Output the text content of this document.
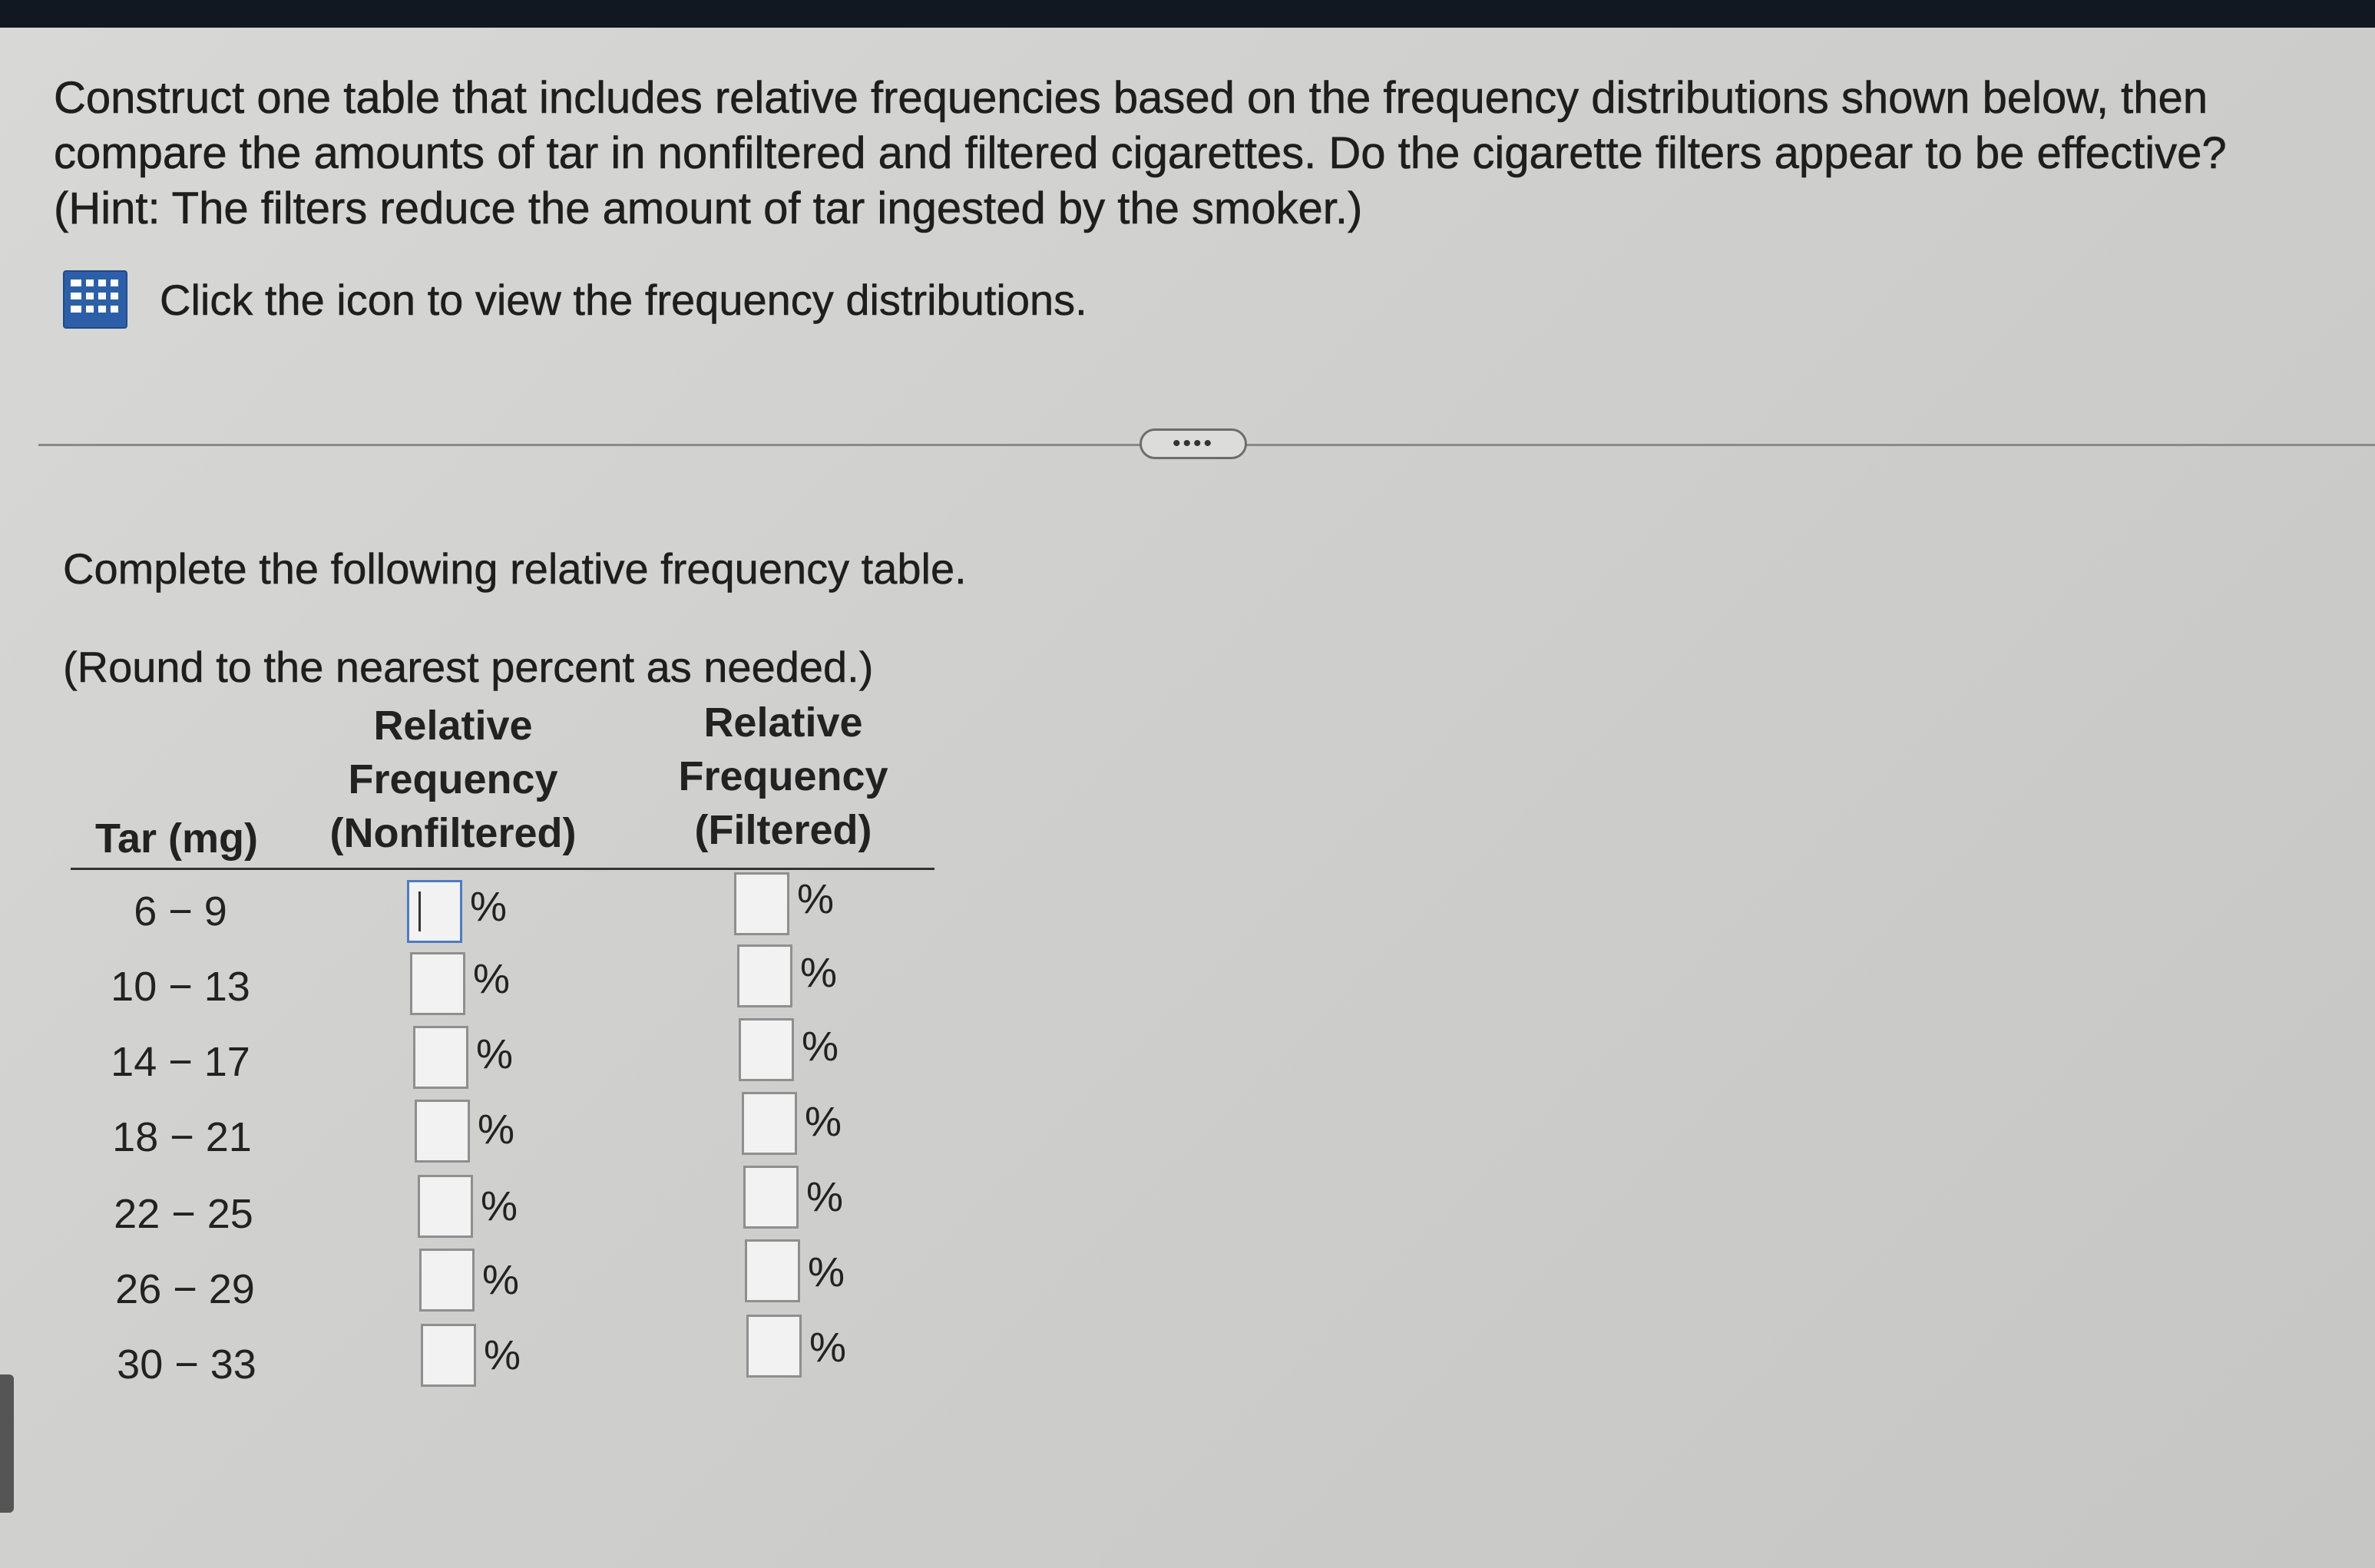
Construct one table that includes relative frequencies based on the frequency distributions shown below, then compare the amounts of tar in nonfiltered and filtered cigarettes. Do the cigarette filters appear to be effective? (Hint: The filters reduce the amount of tar ingested by the smoker.)

Click the icon to view the frequency distributions.
••••

Complete the following relative frequency table.

(Round to the nearest percent as needed.)

Tar (mg)
Relative
Frequency
(Nonfiltered)
Relative
Frequency
(Filtered)
6 − 9	%	%
10 − 13	%	%
14 − 17	%	%
18 − 21	%	%
22 − 25	%	%
26 − 29	%	%
30 − 33	%	%
